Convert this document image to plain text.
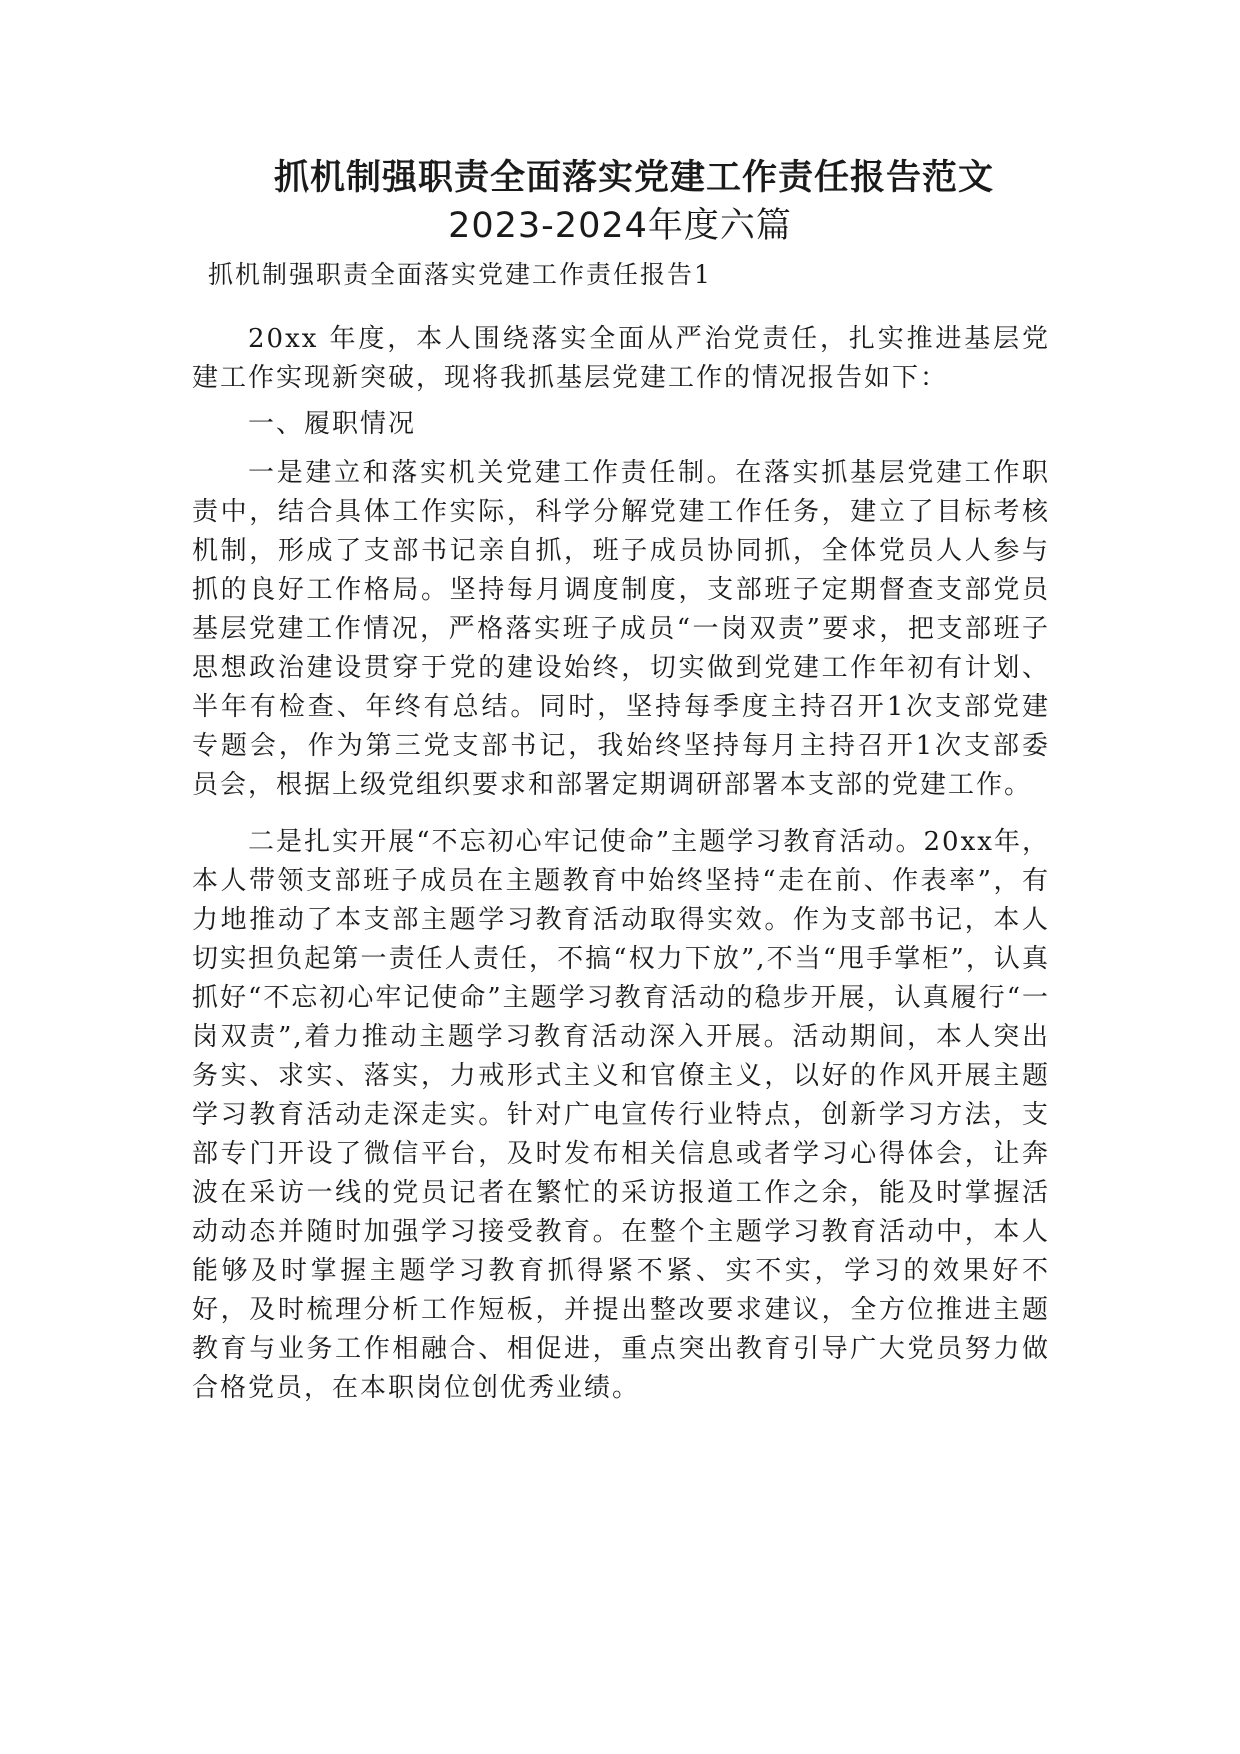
抓机制强职责全面落实党建工作责任报告范文
2023-2024年度六篇
抓机制强职责全面落实党建工作责任报告1

20xx 年度，本人围绕落实全面从严治党责任，扎实推进基层党建工作实现新突破，现将我抓基层党建工作的情况报告如下：

一、履职情况

一是建立和落实机关党建工作责任制。在落实抓基层党建工作职责中，结合具体工作实际，科学分解党建工作任务，建立了目标考核机制，形成了支部书记亲自抓，班子成员协同抓，全体党员人人参与抓的良好工作格局。坚持每月调度制度，支部班子定期督查支部党员基层党建工作情况，严格落实班子成员“一岗双责”要求，把支部班子思想政治建设贯穿于党的建设始终，切实做到党建工作年初有计划、半年有检查、年终有总结。同时，坚持每季度主持召开1次支部党建专题会，作为第三党支部书记，我始终坚持每月主持召开1次支部委员会，根据上级党组织要求和部署定期调研部署本支部的党建工作。

二是扎实开展“不忘初心牢记使命”主题学习教育活动。20xx年，本人带领支部班子成员在主题教育中始终坚持“走在前、作表率”，有力地推动了本支部主题学习教育活动取得实效。作为支部书记，本人切实担负起第一责任人责任，不搞“权力下放”,不当“甩手掌柜”，认真抓好“不忘初心牢记使命”主题学习教育活动的稳步开展，认真履行“一岗双责”,着力推动主题学习教育活动深入开展。活动期间，本人突出务实、求实、落实，力戒形式主义和官僚主义，以好的作风开展主题学习教育活动走深走实。针对广电宣传行业特点，创新学习方法，支部专门开设了微信平台，及时发布相关信息或者学习心得体会，让奔波在采访一线的党员记者在繁忙的采访报道工作之余，能及时掌握活动动态并随时加强学习接受教育。在整个主题学习教育活动中，本人能够及时掌握主题学习教育抓得紧不紧、实不实，学习的效果好不好，及时梳理分析工作短板，并提出整改要求建议，全方位推进主题教育与业务工作相融合、相促进，重点突出教育引导广大党员努力做合格党员，在本职岗位创优秀业绩。
